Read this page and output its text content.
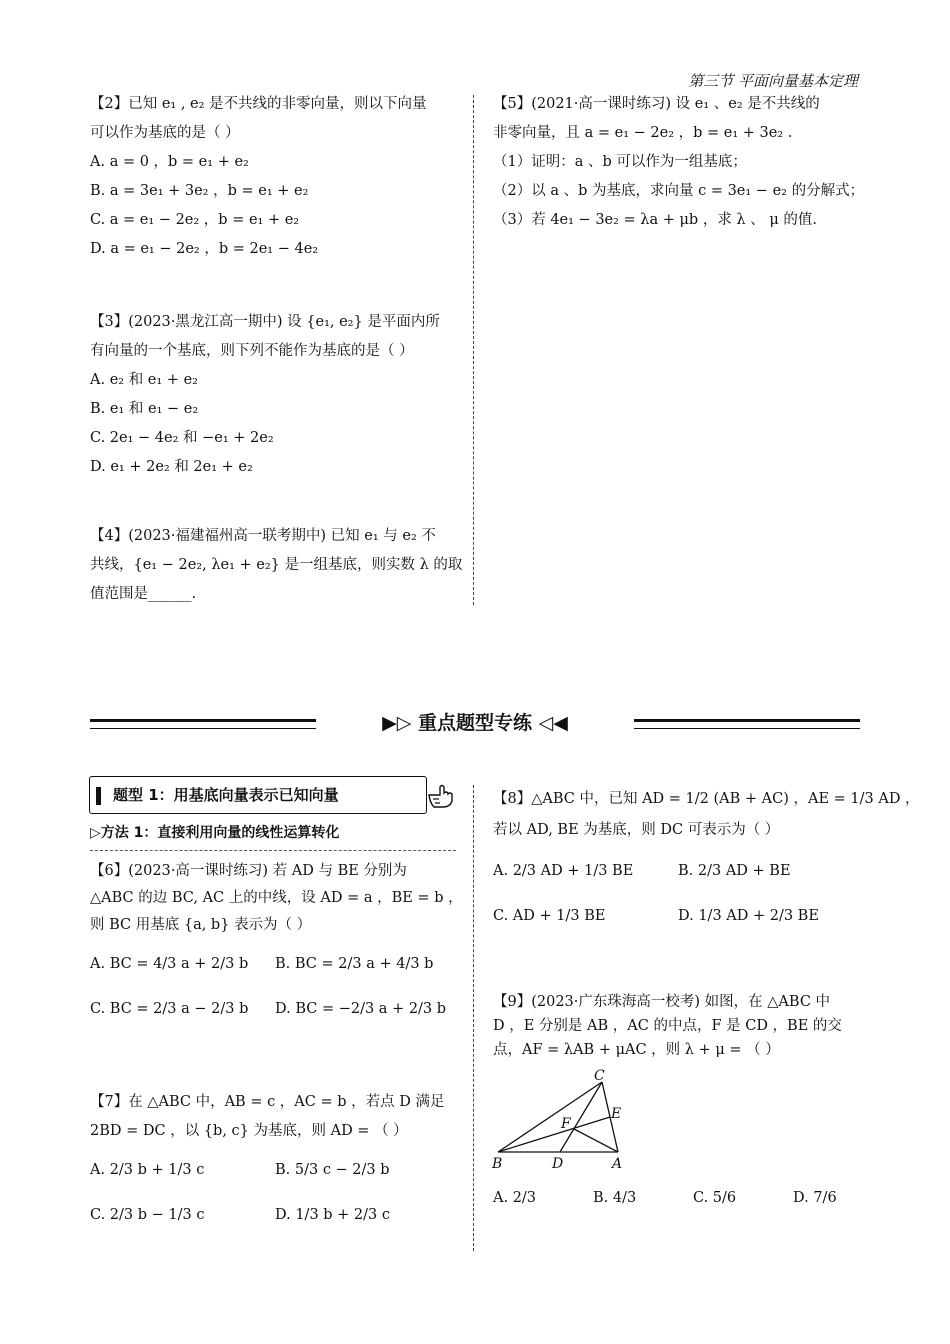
第三节 平面向量基本定理
【2】已知 e₁ , e₂ 是不共线的非零向量，则以下向量
可以作为基底的是（ ）
A. a = 0 ，b = e₁ + e₂
B. a = 3e₁ + 3e₂ ，b = e₁ + e₂
C. a = e₁ − 2e₂ ，b = e₁ + e₂
D. a = e₁ − 2e₂ ，b = 2e₁ − 4e₂
【3】(2023·黑龙江高一期中) 设 {e₁, e₂} 是平面内所
有向量的一个基底，则下列不能作为基底的是（ ）
A. e₂ 和 e₁ + e₂
B. e₁ 和 e₁ − e₂
C. 2e₁ − 4e₂ 和 −e₁ + 2e₂
D. e₁ + 2e₂ 和 2e₁ + e₂
【4】(2023·福建福州高一联考期中) 已知 e₁ 与 e₂ 不
共线，{e₁ − 2e₂, λe₁ + e₂} 是一组基底，则实数 λ 的取
值范围是______.
【5】(2021·高一课时练习) 设 e₁ 、e₂ 是不共线的
非零向量，且 a = e₁ − 2e₂ ，b = e₁ + 3e₂ .
（1）证明：a 、b 可以作为一组基底；
（2）以 a 、b 为基底，求向量 c = 3e₁ − e₂ 的分解式；
（3）若 4e₁ − 3e₂ = λa + μb ，求 λ 、 μ 的值.
▶▷ 重点题型专练 ◁◀
题型 1：用基底向量表示已知向量
▷方法 1：直接利用向量的线性运算转化
【6】(2023·高一课时练习) 若 AD 与 BE 分别为
△ABC 的边 BC, AC 上的中线，设 AD = a ，BE = b ，
则 BC 用基底 {a, b} 表示为（ ）
A. BC = 4/3 a + 2/3 b	B. BC = 2/3 a + 4/3 b
C. BC = 2/3 a − 2/3 b	D. BC = −2/3 a + 2/3 b
【7】在 △ABC 中，AB = c ，AC = b ，若点 D 满足
2BD = DC ，以 {b, c} 为基底，则 AD = （ ）
A. 2/3 b + 1/3 c	B. 5/3 c − 2/3 b
C. 2/3 b − 1/3 c	D. 1/3 b + 2/3 c
【8】△ABC 中，已知 AD = 1/2 (AB + AC) ，AE = 1/3 AD ，
若以 AD, BE 为基底，则 DC 可表示为（ ）
A. 2/3 AD + 1/3 BE	B. 2/3 AD + BE
C. AD + 1/3 BE	D. 1/3 AD + 2/3 BE
【9】(2023·广东珠海高一校考) 如图，在 △ABC 中
D ，E 分别是 AB ，AC 的中点，F 是 CD ，BE 的交
点，AF = λAB + μAC ，则 λ + μ = （ ）
C
E
F
B	D	A
A. 2/3	B. 4/3	C. 5/6	D. 7/6
